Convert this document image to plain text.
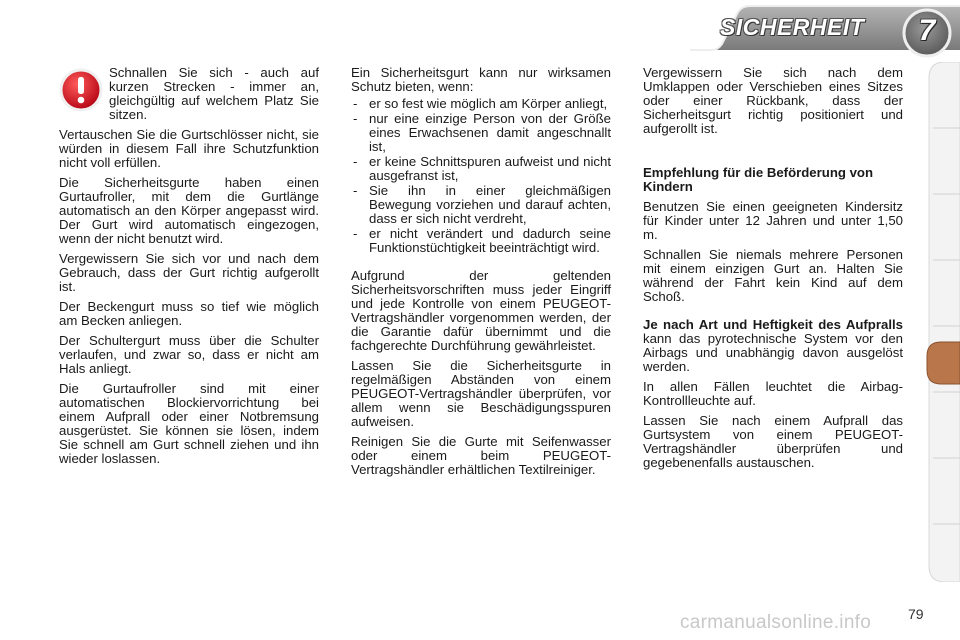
SICHERHEIT 7
Schnallen Sie sich - auch auf kurzen Strecken - immer an, gleichgültig auf welchem Platz Sie sitzen.

Vertauschen Sie die Gurtschlösser nicht, sie würden in diesem Fall ihre Schutzfunktion nicht voll erfüllen.

Die Sicherheitsgurte haben einen Gurtaufroller, mit dem die Gurtlänge automatisch an den Körper angepasst wird. Der Gurt wird automatisch eingezogen, wenn der nicht benutzt wird.

Vergewissern Sie sich vor und nach dem Gebrauch, dass der Gurt richtig aufgerollt ist.

Der Beckengurt muss so tief wie möglich am Becken anliegen.

Der Schultergurt muss über die Schulter verlaufen, und zwar so, dass er nicht am Hals anliegt.

Die Gurtaufroller sind mit einer automatischen Blockiervorrichtung bei einem Aufprall oder einer Notbremsung ausgerüstet. Sie können sie lösen, indem Sie schnell am Gurt schnell ziehen und ihn wieder loslassen.

Ein Sicherheitsgurt kann nur wirksamen Schutz bieten, wenn:

- er so fest wie möglich am Körper anliegt,
- nur eine einzige Person von der Größe eines Erwachsenen damit angeschnallt ist,
- er keine Schnittspuren aufweist und nicht ausgefranst ist,
- Sie ihn in einer gleichmäßigen Bewegung vorziehen und darauf achten, dass er sich nicht verdreht,
- er nicht verändert und dadurch seine Funktionstüchtigkeit beeinträchtigt wird.

Aufgrund der geltenden Sicherheitsvorschriften muss jeder Eingriff und jede Kontrolle von einem PEUGEOT-Vertragshändler vorgenommen werden, der die Garantie dafür übernimmt und die fachgerechte Durchführung gewährleistet.

Lassen Sie die Sicherheitsgurte in regelmäßigen Abständen von einem PEUGEOT-Vertragshändler überprüfen, vor allem wenn sie Beschädigungsspuren aufweisen.

Reinigen Sie die Gurte mit Seifenwasser oder einem beim PEUGEOT-Vertragshändler erhältlichen Textilreiniger.

Vergewissern Sie sich nach dem Umklappen oder Verschieben eines Sitzes oder einer Rückbank, dass der Sicherheitsgurt richtig positioniert und aufgerollt ist.

Empfehlung für die Beförderung von Kindern

Benutzen Sie einen geeigneten Kindersitz für Kinder unter 12 Jahren und unter 1,50 m.

Schnallen Sie niemals mehrere Personen mit einem einzigen Gurt an. Halten Sie während der Fahrt kein Kind auf dem Schoß.

Je nach Art und Heftigkeit des Aufpralls kann das pyrotechnische System vor den Airbags und unabhängig davon ausgelöst werden.

In allen Fällen leuchtet die Airbag-Kontrollleuchte auf.

Lassen Sie nach einem Aufprall das Gurtsystem von einem PEUGEOT-Vertragshändler überprüfen und gegebenenfalls austauschen.

carmanualsonline.info	79
